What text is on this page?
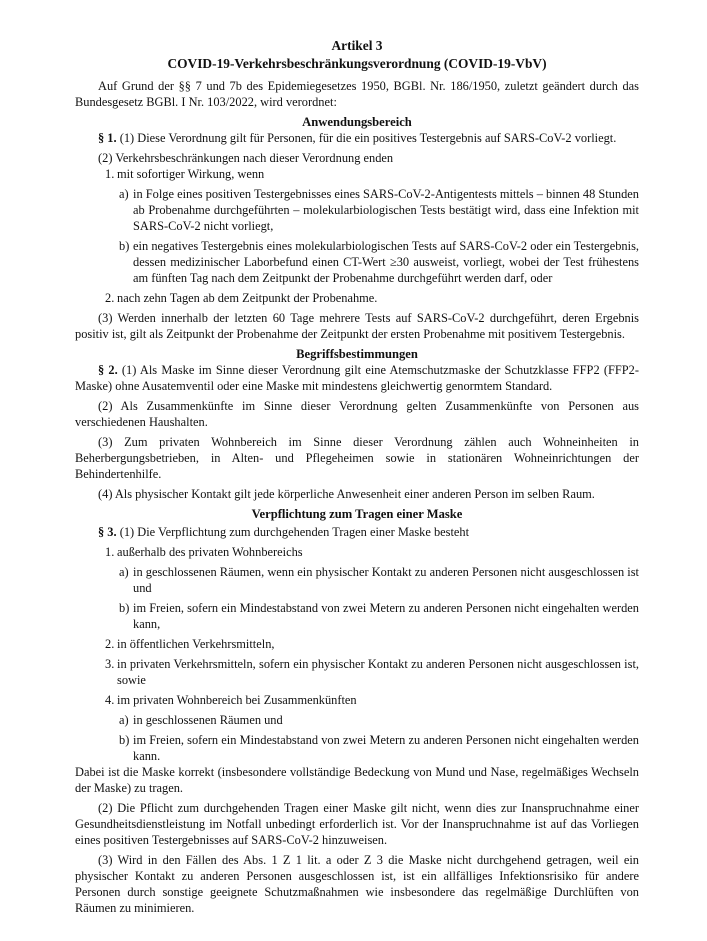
Artikel 3
COVID-19-Verkehrsbeschränkungsverordnung (COVID-19-VbV)

Auf Grund der §§ 7 und 7b des Epidemiegesetzes 1950, BGBl. Nr. 186/1950, zuletzt geändert durch das Bundesgesetz BGBl. I Nr. 103/2022, wird verordnet:

Anwendungsbereich

§ 1. (1) Diese Verordnung gilt für Personen, für die ein positives Testergebnis auf SARS-CoV-2 vorliegt.

(2) Verkehrsbeschränkungen nach dieser Verordnung enden

1. mit sofortiger Wirkung, wenn
a) in Folge eines positiven Testergebnisses eines SARS-CoV-2-Antigentests mittels – binnen 48 Stunden ab Probenahme durchgeführten – molekularbiologischen Tests bestätigt wird, dass eine Infektion mit SARS-CoV-2 nicht vorliegt,
b) ein negatives Testergebnis eines molekularbiologischen Tests auf SARS-CoV-2 oder ein Testergebnis, dessen medizinischer Laborbefund einen CT-Wert ≥30 ausweist, vorliegt, wobei der Test frühestens am fünften Tag nach dem Zeitpunkt der Probenahme durchgeführt werden darf, oder
2. nach zehn Tagen ab dem Zeitpunkt der Probenahme.

(3) Werden innerhalb der letzten 60 Tage mehrere Tests auf SARS-CoV-2 durchgeführt, deren Ergebnis positiv ist, gilt als Zeitpunkt der Probenahme der Zeitpunkt der ersten Probenahme mit positivem Testergebnis.

Begriffsbestimmungen

§ 2. (1) Als Maske im Sinne dieser Verordnung gilt eine Atemschutzmaske der Schutzklasse FFP2 (FFP2-Maske) ohne Ausatemventil oder eine Maske mit mindestens gleichwertig genormtem Standard.

(2) Als Zusammenkünfte im Sinne dieser Verordnung gelten Zusammenkünfte von Personen aus verschiedenen Haushalten.

(3) Zum privaten Wohnbereich im Sinne dieser Verordnung zählen auch Wohneinheiten in Beherbergungsbetrieben, in Alten- und Pflegeheimen sowie in stationären Wohneinrichtungen der Behindertenhilfe.

(4) Als physischer Kontakt gilt jede körperliche Anwesenheit einer anderen Person im selben Raum.

Verpflichtung zum Tragen einer Maske

§ 3. (1) Die Verpflichtung zum durchgehenden Tragen einer Maske besteht

1. außerhalb des privaten Wohnbereichs
a) in geschlossenen Räumen, wenn ein physischer Kontakt zu anderen Personen nicht ausgeschlossen ist und
b) im Freien, sofern ein Mindestabstand von zwei Metern zu anderen Personen nicht eingehalten werden kann,
2. in öffentlichen Verkehrsmitteln,
3. in privaten Verkehrsmitteln, sofern ein physischer Kontakt zu anderen Personen nicht ausgeschlossen ist, sowie
4. im privaten Wohnbereich bei Zusammenkünften
a) in geschlossenen Räumen und
b) im Freien, sofern ein Mindestabstand von zwei Metern zu anderen Personen nicht eingehalten werden kann.

Dabei ist die Maske korrekt (insbesondere vollständige Bedeckung von Mund und Nase, regelmäßiges Wechseln der Maske) zu tragen.

(2) Die Pflicht zum durchgehenden Tragen einer Maske gilt nicht, wenn dies zur Inanspruchnahme einer Gesundheitsdienstleistung im Notfall unbedingt erforderlich ist. Vor der Inanspruchnahme ist auf das Vorliegen eines positiven Testergebnisses auf SARS-CoV-2 hinzuweisen.

(3) Wird in den Fällen des Abs. 1 Z 1 lit. a oder Z 3 die Maske nicht durchgehend getragen, weil ein physischer Kontakt zu anderen Personen ausgeschlossen ist, ist ein allfälliges Infektionsrisiko für andere Personen durch sonstige geeignete Schutzmaßnahmen wie insbesondere das regelmäßige Durchlüften von Räumen zu minimieren.
